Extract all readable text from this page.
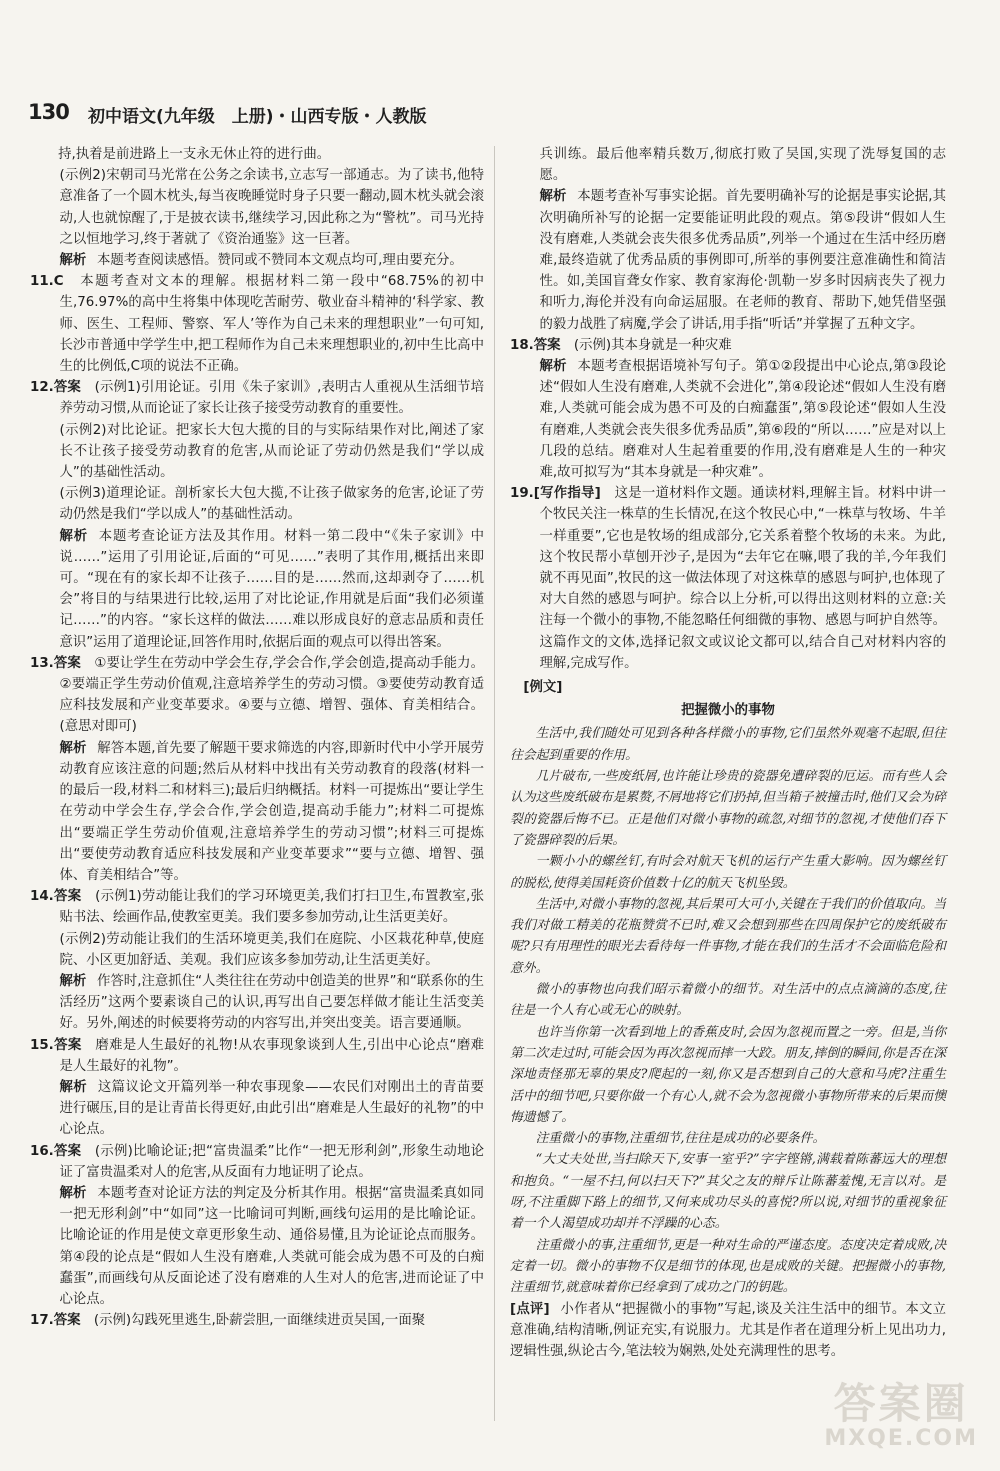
130 初中语文(九年级　上册)・山西专版・人教版

持,执着是前进路上一支永无休止符的进行曲。

(示例2)宋朝司马光常在公务之余读书,立志写一部通志。为了读书,他特意准备了一个圆木枕头,每当夜晚睡觉时身子只要一翻动,圆木枕头就会滚动,人也就惊醒了,于是披衣读书,继续学习,因此称之为“警枕”。司马光持之以恒地学习,终于著就了《资治通鉴》这一巨著。

解析 本题考查阅读感悟。赞同或不赞同本文观点均可,理由要充分。

11.C　 本题考查对文本的理解。根据材料二第一段中“68.75%的初中生,76.97%的高中生将集中体现吃苦耐劳、敬业奋斗精神的‘科学家、教师、医生、工程师、警察、军人’等作为自己未来的理想职业”一句可知,长沙市普通中学学生中,把工程师作为自己未来理想职业的,初中生比高中生的比例低,C项的说法不正确。

12.答案　 (示例1)引用论证。引用《朱子家训》,表明古人重视从生活细节培养劳动习惯,从而论证了家长让孩子接受劳动教育的重要性。

(示例2)对比论证。把家长大包大揽的目的与实际结果作对比,阐述了家长不让孩子接受劳动教育的危害,从而论证了劳动仍然是我们“学以成人”的基础性活动。

(示例3)道理论证。剖析家长大包大揽,不让孩子做家务的危害,论证了劳动仍然是我们“学以成人”的基础性活动。

解析 本题考查论证方法及其作用。材料一第二段中“《朱子家训》中说……”运用了引用论证,后面的“可见……”表明了其作用,概括出来即可。“现在有的家长却不让孩子……目的是……然而,这却剥夺了……机会”将目的与结果进行比较,运用了对比论证,作用就是后面“我们必须谨记……”的内容。“家长这样的做法……难以形成良好的意志品质和责任意识”运用了道理论证,回答作用时,依据后面的观点可以得出答案。

13.答案　 ①要让学生在劳动中学会生存,学会合作,学会创造,提高动手能力。②要端正学生劳动价值观,注意培养学生的劳动习惯。③要使劳动教育适应科技发展和产业变革要求。④要与立德、增智、强体、育美相结合。(意思对即可)

解析 解答本题,首先要了解题干要求筛选的内容,即新时代中小学开展劳动教育应该注意的问题;然后从材料中找出有关劳动教育的段落(材料一的最后一段,材料二和材料三);最后归纳概括。材料一可提炼出“要让学生在劳动中学会生存,学会合作,学会创造,提高动手能力”;材料二可提炼出“要端正学生劳动价值观,注意培养学生的劳动习惯”;材料三可提炼出“要使劳动教育适应科技发展和产业变革要求”“要与立德、增智、强体、育美相结合”等。

14.答案　 (示例1)劳动能让我们的学习环境更美,我们打扫卫生,布置教室,张贴书法、绘画作品,使教室更美。我们要多参加劳动,让生活更美好。

(示例2)劳动能让我们的生活环境更美,我们在庭院、小区栽花种草,使庭院、小区更加舒适、美观。我们应该多参加劳动,让生活更美好。

解析 作答时,注意抓住“人类往往在劳动中创造美的世界”和“联系你的生活经历”这两个要素谈自己的认识,再写出自己要怎样做才能让生活变美好。另外,阐述的时候要将劳动的内容写出,并突出变美。语言要通顺。

15.答案　 磨难是人生最好的礼物!从农事现象谈到人生,引出中心论点“磨难是人生最好的礼物”。

解析 这篇议论文开篇列举一种农事现象——农民们对刚出土的青苗要进行碾压,目的是让青苗长得更好,由此引出“磨难是人生最好的礼物”的中心论点。

16.答案　 (示例)比喻论证;把“富贵温柔”比作“一把无形利剑”,形象生动地论证了富贵温柔对人的危害,从反面有力地证明了论点。

解析 本题考查对论证方法的判定及分析其作用。根据“富贵温柔真如同一把无形利剑”中“如同”这一比喻词可判断,画线句运用的是比喻论证。比喻论证的作用是使文章更形象生动、通俗易懂,且为论证论点而服务。第④段的论点是“假如人生没有磨难,人类就可能会成为愚不可及的白痴蠢蛋”,而画线句从反面论述了没有磨难的人生对人的危害,进而论证了中心论点。

17.答案　 (示例)勾践死里逃生,卧薪尝胆,一面继续进贡吴国,一面聚

兵训练。最后他率精兵数万,彻底打败了吴国,实现了洗辱复国的志愿。

解析 本题考查补写事实论据。首先要明确补写的论据是事实论据,其次明确所补写的论据一定要能证明此段的观点。第⑤段讲“假如人生没有磨难,人类就会丧失很多优秀品质”,列举一个通过在生活中经历磨难,最终造就了优秀品质的事例即可,所举的事例要注意准确性和简洁性。如,美国盲聋女作家、教育家海伦·凯勒一岁多时因病丧失了视力和听力,海伦并没有向命运屈服。在老师的教育、帮助下,她凭借坚强的毅力战胜了病魔,学会了讲话,用手指“听话”并掌握了五种文字。

18.答案　 (示例)其本身就是一种灾难

解析 本题考查根据语境补写句子。第①②段提出中心论点,第③段论述“假如人生没有磨难,人类就不会进化”,第④段论述“假如人生没有磨难,人类就可能会成为愚不可及的白痴蠢蛋”,第⑤段论述“假如人生没有磨难,人类就会丧失很多优秀品质”,第⑥段的“所以……”应是对以上几段的总结。磨难对人生起着重要的作用,没有磨难是人生的一种灾难,故可拟写为“其本身就是一种灾难”。

19.[写作指导]　 这是一道材料作文题。通读材料,理解主旨。材料中讲一个牧民关注一株草的生长情况,在这个牧民心中,“一株草与牧场、牛羊一样重要”,它也是牧场的组成部分,它关系着整个牧场的未来。为此,这个牧民帮小草刨开沙子,是因为“去年它在嘛,喂了我的羊,今年我们就不再见面”,牧民的这一做法体现了对这株草的感恩与呵护,也体现了对大自然的感恩与呵护。综合以上分析,可以得出这则材料的立意:关注每一个微小的事物,不能忽略任何细微的事物、感恩与呵护自然等。这篇作文的文体,选择记叙文或议论文都可以,结合自己对材料内容的理解,完成写作。

[例文]

把握微小的事物

生活中,我们随处可见到各种各样微小的事物,它们虽然外观毫不起眼,但往往会起到重要的作用。

几片破布,一些废纸屑,也许能让珍贵的瓷器免遭碎裂的厄运。而有些人会认为这些废纸破布是累赘,不屑地将它们扔掉,但当箱子被撞击时,他们又会为碎裂的瓷器后悔不已。正是他们对微小事物的疏忽,对细节的忽视,才使他们吞下了瓷器碎裂的后果。

一颗小小的螺丝钉,有时会对航天飞机的运行产生重大影响。因为螺丝钉的脱松,使得美国耗资价值数十亿的航天飞机坠毁。

生活中,对微小事物的忽视,其后果可大可小,关键在于我们的价值取向。当我们对做工精美的花瓶赞赏不已时,难又会想到那些在四周保护它的废纸破布呢?只有用理性的眼光去看待每一件事物,才能在我们的生活才不会面临危险和意外。

微小的事物也向我们昭示着微小的细节。对生活中的点点滴滴的态度,往往是一个人有心或无心的映射。

也许当你第一次看到地上的香蕉皮时,会因为忽视而置之一旁。但是,当你第二次走过时,可能会因为再次忽视而摔一大跤。朋友,摔倒的瞬间,你是否在深深地责怪那无辜的果皮?爬起的一刻,你又是否想到自己的大意和马虎?注重生活中的细节吧,只要你做一个有心人,就不会为忽视微小事物所带来的后果而懊悔遗憾了。

注重微小的事物,注重细节,往往是成功的必要条件。

“大丈夫处世,当扫除天下,安事一室乎?”字字铿锵,满载着陈蕃远大的理想和抱负。“一屋不扫,何以扫天下?”其父之友的辩斥让陈蕃羞愧,无言以对。是呀,不注重脚下路上的细节,又何来成功尽头的喜悦?所以说,对细节的重视象征着一个人渴望成功却并不浮躁的心态。

注重微小的事,注重细节,更是一种对生命的严谨态度。态度决定着成败,决定着一切。微小的事物不仅是细节的体现,也是成败的关键。把握微小的事物,注重细节,就意味着你已经拿到了成功之门的钥匙。

[点评] 小作者从“把握微小的事物”写起,谈及关注生活中的细节。本文立意准确,结构清晰,例证充实,有说服力。尤其是作者在道理分析上见出功力,逻辑性强,纵论古今,笔法较为娴熟,处处充满理性的思考。

答案圈
MXQE.COM
